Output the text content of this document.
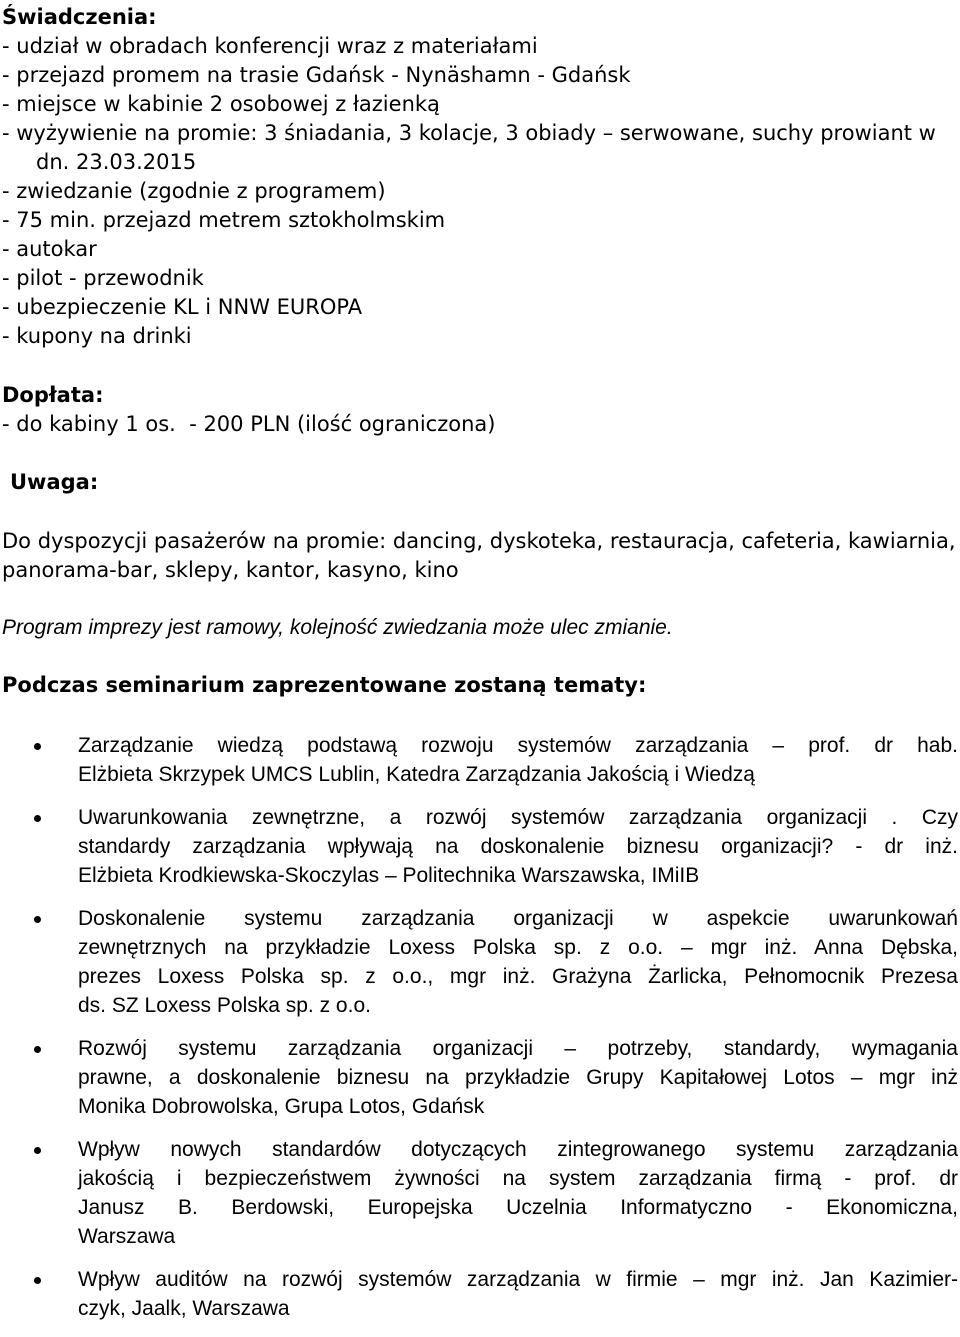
Świadczenia:
- udział w obradach konferencji wraz z materiałami
- przejazd promem na trasie Gdańsk - Nynäshamn - Gdańsk
- miejsce w kabinie 2 osobowej z łazienką
- wyżywienie na promie: 3 śniadania, 3 kolacje, 3 obiady – serwowane, suchy prowiant w
dn. 23.03.2015
- zwiedzanie (zgodnie z programem)
- 75 min. przejazd metrem sztokholmskim
- autokar
- pilot - przewodnik
- ubezpieczenie KL i NNW EUROPA
- kupony na drinki
Dopłata:
- do kabiny 1 os.  - 200 PLN (ilość ograniczona)
Uwaga:
Do dyspozycji pasażerów na promie: dancing, dyskoteka, restauracja, cafeteria, kawiarnia,
panorama-bar, sklepy, kantor, kasyno, kino
Program imprezy jest ramowy, kolejność zwiedzania może ulec zmianie.
Podczas seminarium zaprezentowane zostaną tematy:
Zarządzanie wiedzą podstawą rozwoju systemów zarządzania – prof. dr hab.
Elżbieta Skrzypek UMCS Lublin, Katedra Zarządzania Jakością i Wiedzą
Uwarunkowania zewnętrzne, a rozwój systemów zarządzania organizacji . Czy
standardy zarządzania wpływają na doskonalenie biznesu organizacji? - dr inż.
Elżbieta Krodkiewska-Skoczylas – Politechnika Warszawska, IMiIB
Doskonalenie systemu zarządzania organizacji w aspekcie uwarunkowań
zewnętrznych na przykładzie Loxess Polska sp. z o.o. – mgr inż. Anna Dębska,
prezes Loxess Polska sp. z o.o., mgr inż. Grażyna Żarlicka, Pełnomocnik Prezesa
ds. SZ Loxess Polska sp. z o.o.
Rozwój systemu zarządzania organizacji – potrzeby, standardy, wymagania
prawne, a doskonalenie biznesu na przykładzie Grupy Kapitałowej Lotos – mgr inż
Monika Dobrowolska, Grupa Lotos, Gdańsk
Wpływ nowych standardów dotyczących zintegrowanego systemu zarządzania
jakością i bezpieczeństwem żywności na system zarządzania firmą - prof. dr
Janusz B. Berdowski, Europejska Uczelnia Informatyczno - Ekonomiczna,
Warszawa
Wpływ auditów na rozwój systemów zarządzania w firmie – mgr inż. Jan Kazimier-
czyk, Jaalk, Warszawa
